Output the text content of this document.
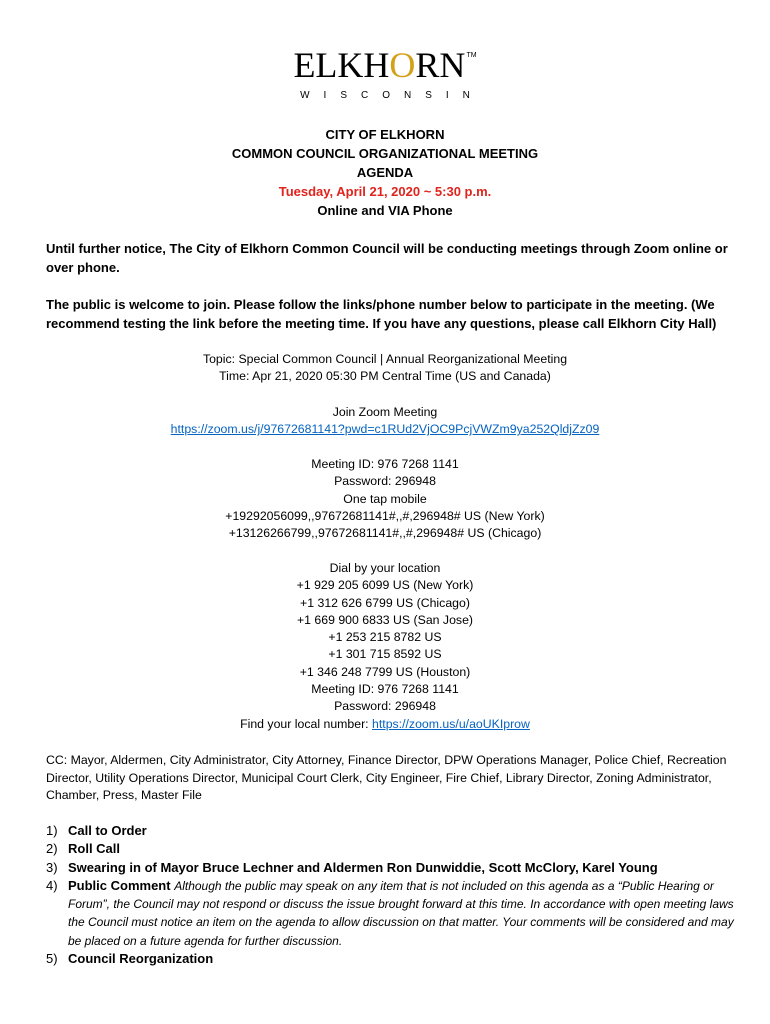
ELKHORN™
WISCONSIN
CITY OF ELKHORN
COMMON COUNCIL ORGANIZATIONAL MEETING
AGENDA
Tuesday, April 21, 2020 ~ 5:30 p.m.
Online and VIA Phone
Until further notice, The City of Elkhorn Common Council will be conducting meetings through Zoom online or over phone.
The public is welcome to join. Please follow the links/phone number below to participate in the meeting. (We recommend testing the link before the meeting time. If you have any questions, please call Elkhorn City Hall)
Topic: Special Common Council | Annual Reorganizational Meeting
Time: Apr 21, 2020 05:30 PM Central Time (US and Canada)
Join Zoom Meeting
https://zoom.us/j/97672681141?pwd=c1RUd2VjOC9PcjVWZm9ya252QldjZz09
Meeting ID: 976 7268 1141
Password: 296948
One tap mobile
+19292056099,,97672681141#,,#,296948# US (New York)
+13126266799,,97672681141#,,#,296948# US (Chicago)
Dial by your location
+1 929 205 6099 US (New York)
+1 312 626 6799 US (Chicago)
+1 669 900 6833 US (San Jose)
+1 253 215 8782 US
+1 301 715 8592 US
+1 346 248 7799 US (Houston)
Meeting ID: 976 7268 1141
Password: 296948
Find your local number: https://zoom.us/u/aoUKIprow
CC: Mayor, Aldermen, City Administrator, City Attorney, Finance Director, DPW Operations Manager, Police Chief, Recreation Director, Utility Operations Director, Municipal Court Clerk, City Engineer, Fire Chief, Library Director, Zoning Administrator, Chamber, Press, Master File
1) Call to Order
2) Roll Call
3) Swearing in of Mayor Bruce Lechner and Aldermen Ron Dunwiddie, Scott McClory, Karel Young
4) Public Comment Although the public may speak on any item that is not included on this agenda as a “Public Hearing or Forum”, the Council may not respond or discuss the issue brought forward at this time. In accordance with open meeting laws the Council must notice an item on the agenda to allow discussion on that matter. Your comments will be considered and may be placed on a future agenda for further discussion.
5) Council Reorganization
